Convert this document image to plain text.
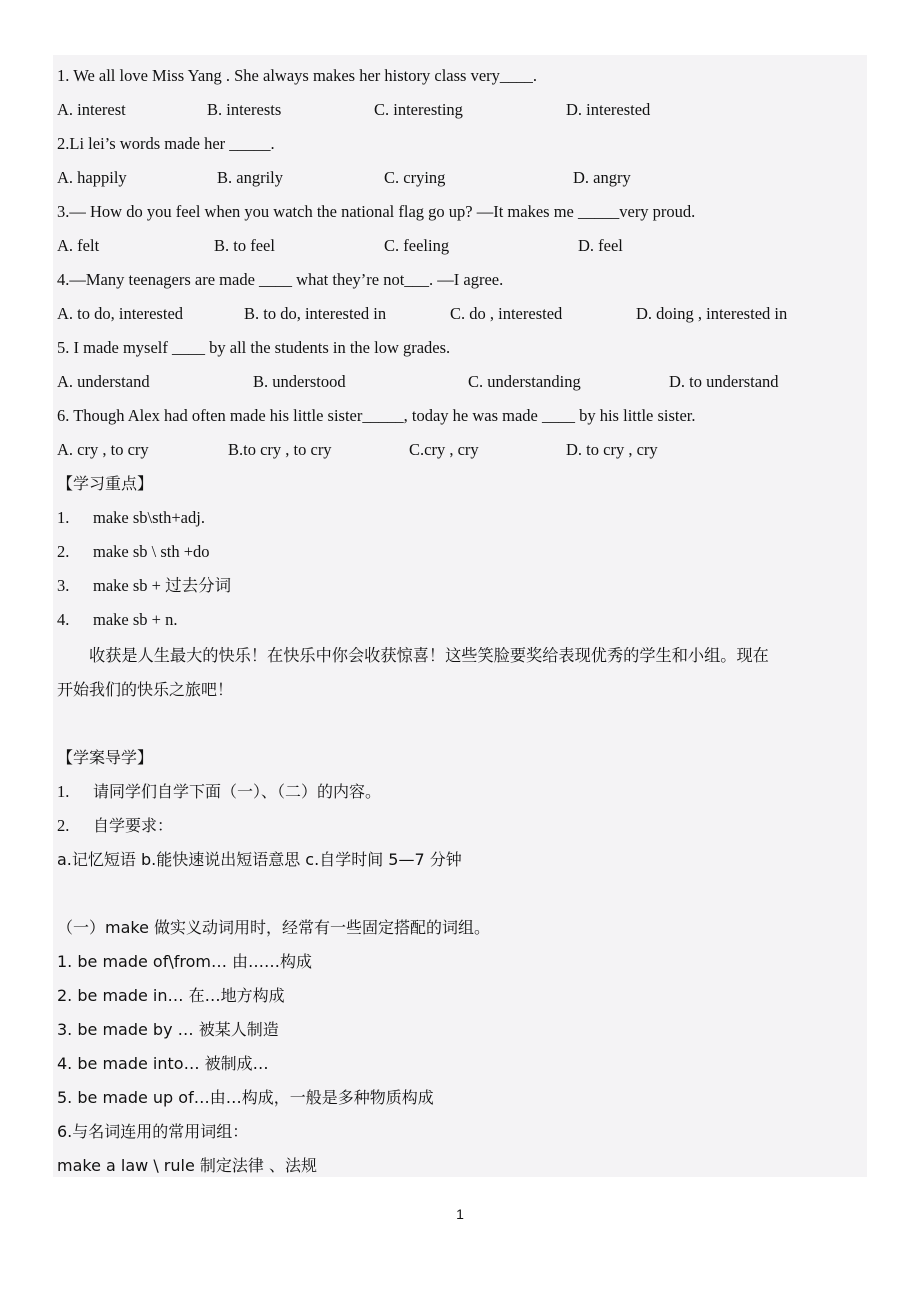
1. We all love Miss Yang . She always makes her history class very____.
A. interest	B. interests	C. interesting	D. interested
2.Li lei’s words made her _____.
A. happily	B. angrily	C. crying	D. angry
3.— How do you feel when you watch the national flag go up? —It makes me _____very proud.
A. felt	B. to feel	C. feeling	D. feel
4.—Many teenagers are made ____ what they’re not___. —I agree.
A. to do, interested	B. to do, interested in	C. do , interested	D. doing , interested in
5. I made myself ____ by all the students in the low grades.
A. understand	B. understood	C. understanding	D. to understand
6. Though Alex had often made his little sister_____, today he was made ____ by his little sister.
A. cry , to cry	B.to cry , to cry	C.cry , cry	D. to cry , cry
【学习重点】
1. make sb\sth+adj.
2. make sb \ sth +do
3. make sb + 过去分词
4. make sb + n.
收获是人生最大的快乐！在快乐中你会收获惊喜！这些笑脸要奖给表现优秀的学生和小组。现在
开始我们的快乐之旅吧！
【学案导学】
1. 请同学们自学下面（一）、（二）的内容。
2. 自学要求：
a.记忆短语 b.能快速说出短语意思 c.自学时间 5—7 分钟
（一）make 做实义动词用时，经常有一些固定搭配的词组。
1. be made of\from… 由……构成
2. be made in… 在…地方构成
3. be made by … 被某人制造
4. be made into… 被制成…
5. be made up of…由…构成，一般是多种物质构成
6.与名词连用的常用词组：
make a law \ rule 制定法律 、法规
1
